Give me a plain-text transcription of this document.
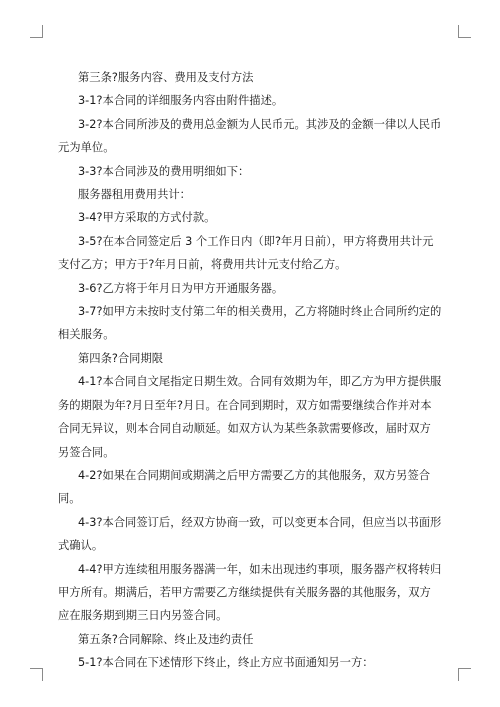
第三条?服务内容、费用及支付方法

3-1?本合同的详细服务内容由附件描述。

3-2?本合同所涉及的费用总金额为人民币元。其涉及的金额一律以人民币元为单位。

3-3?本合同涉及的费用明细如下：

服务器租用费用共计：

3-4?甲方采取的方式付款。

3-5?在本合同签定后 3 个工作日内（即?年月日前），甲方将费用共计元支付乙方；甲方于?年月日前，将费用共计元支付给乙方。

3-6?乙方将于年月日为甲方开通服务器。

3-7?如甲方未按时支付第二年的相关费用，乙方将随时终止合同所约定的相关服务。

第四条?合同期限

4-1?本合同自文尾指定日期生效。合同有效期为年，即乙方为甲方提供服务的期限为年?月日至年?月日。在合同到期时，双方如需要继续合作并对本合同无异议，则本合同自动顺延。如双方认为某些条款需要修改，届时双方另签合同。

4-2?如果在合同期间或期满之后甲方需要乙方的其他服务，双方另签合同。

4-3?本合同签订后，经双方协商一致，可以变更本合同，但应当以书面形式确认。

4-4?甲方连续租用服务器满一年，如未出现违约事项，服务器产权将转归甲方所有。期满后，若甲方需要乙方继续提供有关服务器的其他服务，双方应在服务期到期三日内另签合同。

第五条?合同解除、终止及违约责任

5-1?本合同在下述情形下终止，终止方应书面通知另一方：
